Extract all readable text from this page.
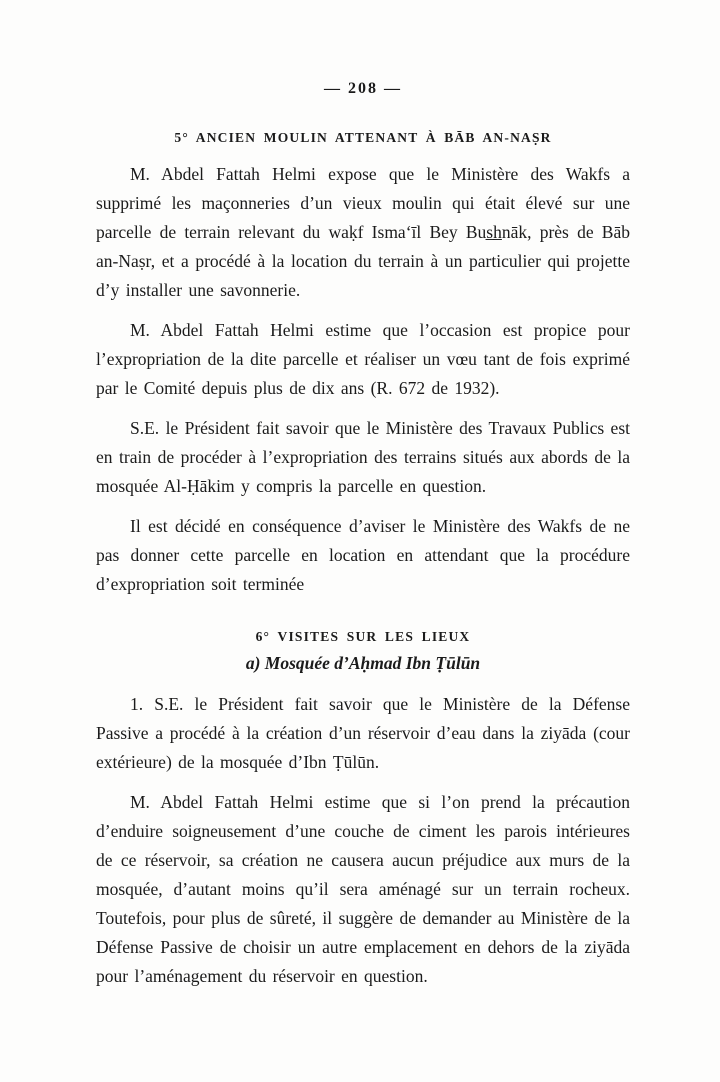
— 208 —
5° ANCIEN MOULIN ATTENANT À BĀB AN-NAṢR

M. Abdel Fattah Helmi expose que le Ministère des Wakfs a supprimé les maçonneries d’un vieux moulin qui était élevé sur une parcelle de terrain relevant du waḳf Isma‘īl Bey Bus̲h̲nāk, près de Bāb an-Naṣr, et a procédé à la location du terrain à un particulier qui projette d’y installer une savonnerie.

M. Abdel Fattah Helmi estime que l’occasion est propice pour l’expropriation de la dite parcelle et réaliser un vœu tant de fois exprimé par le Comité depuis plus de dix ans (R. 672 de 1932).

S.E. le Président fait savoir que le Ministère des Travaux Publics est en train de procéder à l’expropriation des terrains situés aux abords de la mosquée Al-Ḥākim y compris la parcelle en question.

Il est décidé en conséquence d’aviser le Ministère des Wakfs de ne pas donner cette parcelle en location en attendant que la procédure d’expropriation soit terminée

6° VISITES SUR LES LIEUX
a) Mosquée d’Aḥmad Ibn Ṭūlūn

1. S.E. le Président fait savoir que le Ministère de la Défense Passive a procédé à la création d’un réservoir d’eau dans la ziyāda (cour extérieure) de la mosquée d’Ibn Ṭūlūn.

M. Abdel Fattah Helmi estime que si l’on prend la précaution d’enduire soigneusement d’une couche de ciment les parois intérieures de ce réservoir, sa création ne causera aucun préjudice aux murs de la mosquée, d’autant moins qu’il sera aménagé sur un terrain rocheux. Toutefois, pour plus de sûreté, il suggère de demander au Ministère de la Défense Passive de choisir un autre emplacement en dehors de la ziyāda pour l’aménagement du réservoir en question.
